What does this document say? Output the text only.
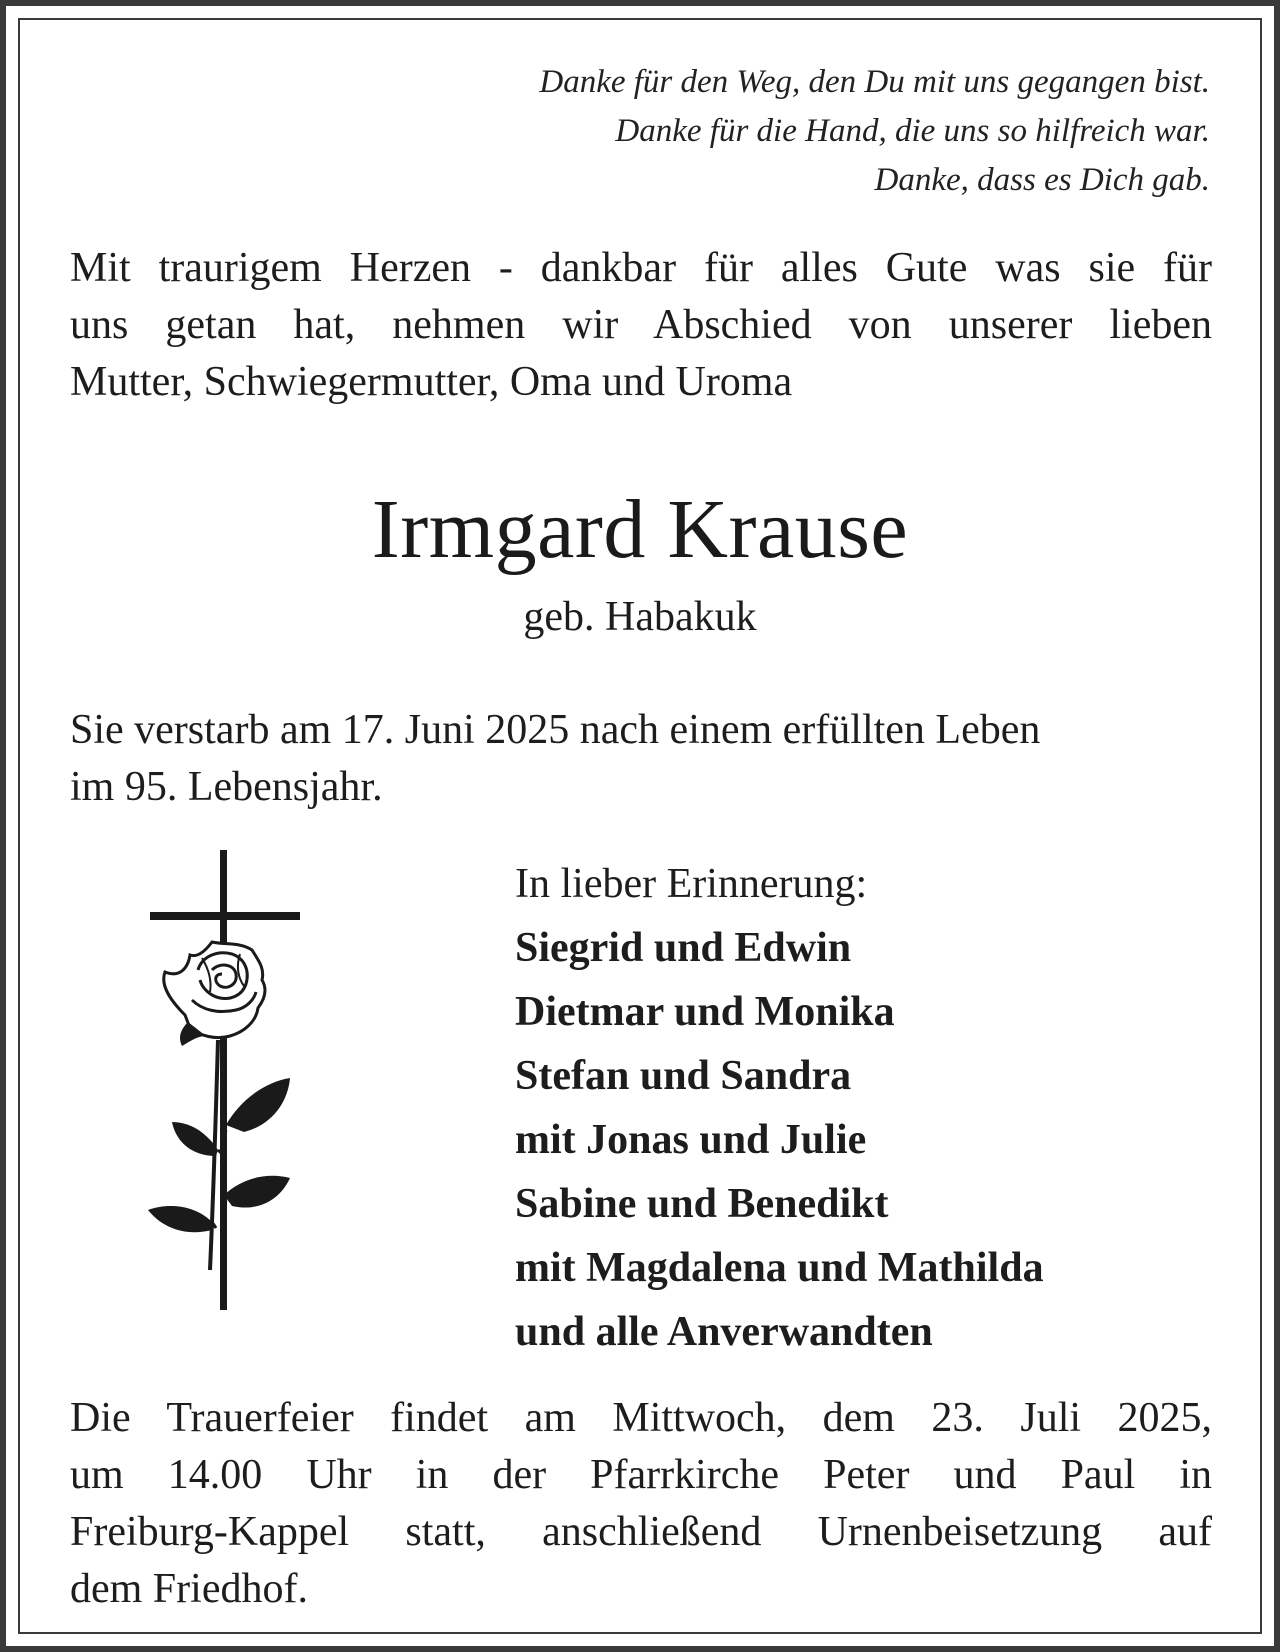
Danke für den Weg, den Du mit uns gegangen bist.
Danke für die Hand, die uns so hilfreich war.
Danke, dass es Dich gab.
Mit traurigem Herzen - dankbar für alles Gute was sie für
uns getan hat, nehmen wir Abschied von unserer lieben
Mutter, Schwiegermutter, Oma und Uroma
Irmgard Krause
geb. Habakuk
Sie verstarb am 17. Juni 2025 nach einem erfüllten Leben
im 95. Lebensjahr.
In lieber Erinnerung:
Siegrid und Edwin
Dietmar und Monika
Stefan und Sandra
mit Jonas und Julie
Sabine und Benedikt
mit Magdalena und Mathilda
und alle Anverwandten
Die Trauerfeier findet am Mittwoch, dem 23. Juli 2025,
um 14.00 Uhr in der Pfarrkirche Peter und Paul in
Freiburg-Kappel statt, anschließend Urnenbeisetzung auf
dem Friedhof.
